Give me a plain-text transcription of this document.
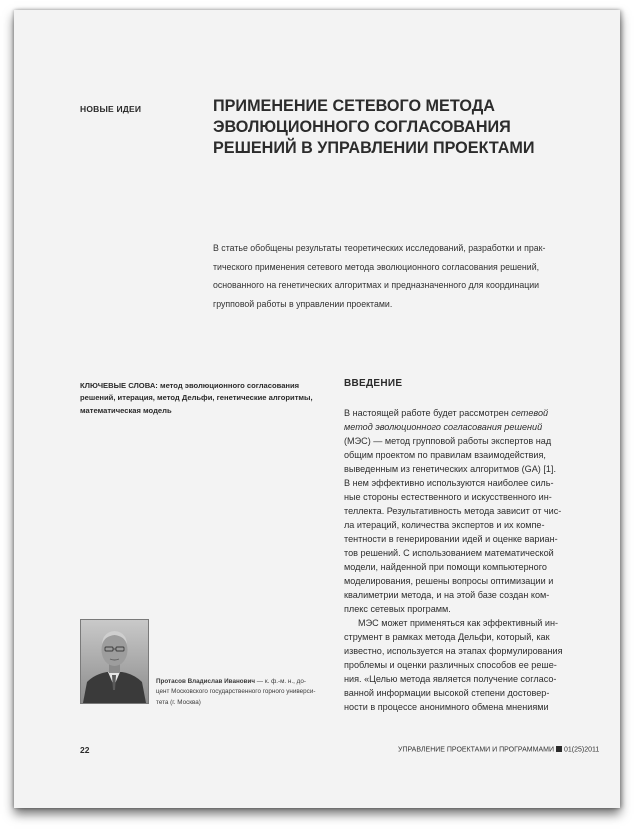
НОВЫЕ ИДЕИ	ПРИМЕНЕНИЕ СЕТЕВОГО МЕТОДА
ЭВОЛЮЦИОННОГО СОГЛАСОВАНИЯ
РЕШЕНИЙ В УПРАВЛЕНИИ ПРОЕКТАМИ
В статье обобщены результаты теоретических исследований, разработки и прак-
тического применения сетевого метода эволюционного согласования решений,
основанного на генетических алгоритмах и предназначенного для координации
групповой работы в управлении проектами.
КЛЮЧЕВЫЕ СЛОВА: метод эволюционного согласования
решений, итерация, метод Дельфи, генетические алгоритмы,
математическая модель
ВВЕДЕНИЕ
В настоящей работе будет рассмотрен сетевой
метод эволюционного согласования решений
(МЭС) — метод групповой работы экспертов над
общим проектом по правилам взаимодействия,
выведенным из генетических алгоритмов (GA) [1].
В нем эффективно используются наиболее силь-
ные стороны естественного и искусственного ин-
теллекта. Результативность метода зависит от чис-
ла итераций, количества экспертов и их компе-
тентности в генерировании идей и оценке вариан-
тов решений. С использованием математической
модели, найденной при помощи компьютерного
моделирования, решены вопросы оптимизации и
квалиметрии метода, и на этой базе создан ком-
плекс сетевых программ.
МЭС может применяться как эффективный ин-
струмент в рамках метода Дельфи, который, как
известно, используется на этапах формулирования
проблемы и оценки различных способов ее реше-
ния. «Целью метода является получение согласо-
ванной информации высокой степени достовер-
ности в процессе анонимного обмена мнениями
Протасов Владислав Иванович — к. ф.-м. н., до-
цент Московского государственного горного универси-
тета (г. Москва)
22	УПРАВЛЕНИЕ ПРОЕКТАМИ И ПРОГРАММАМИ 01(25)2011
